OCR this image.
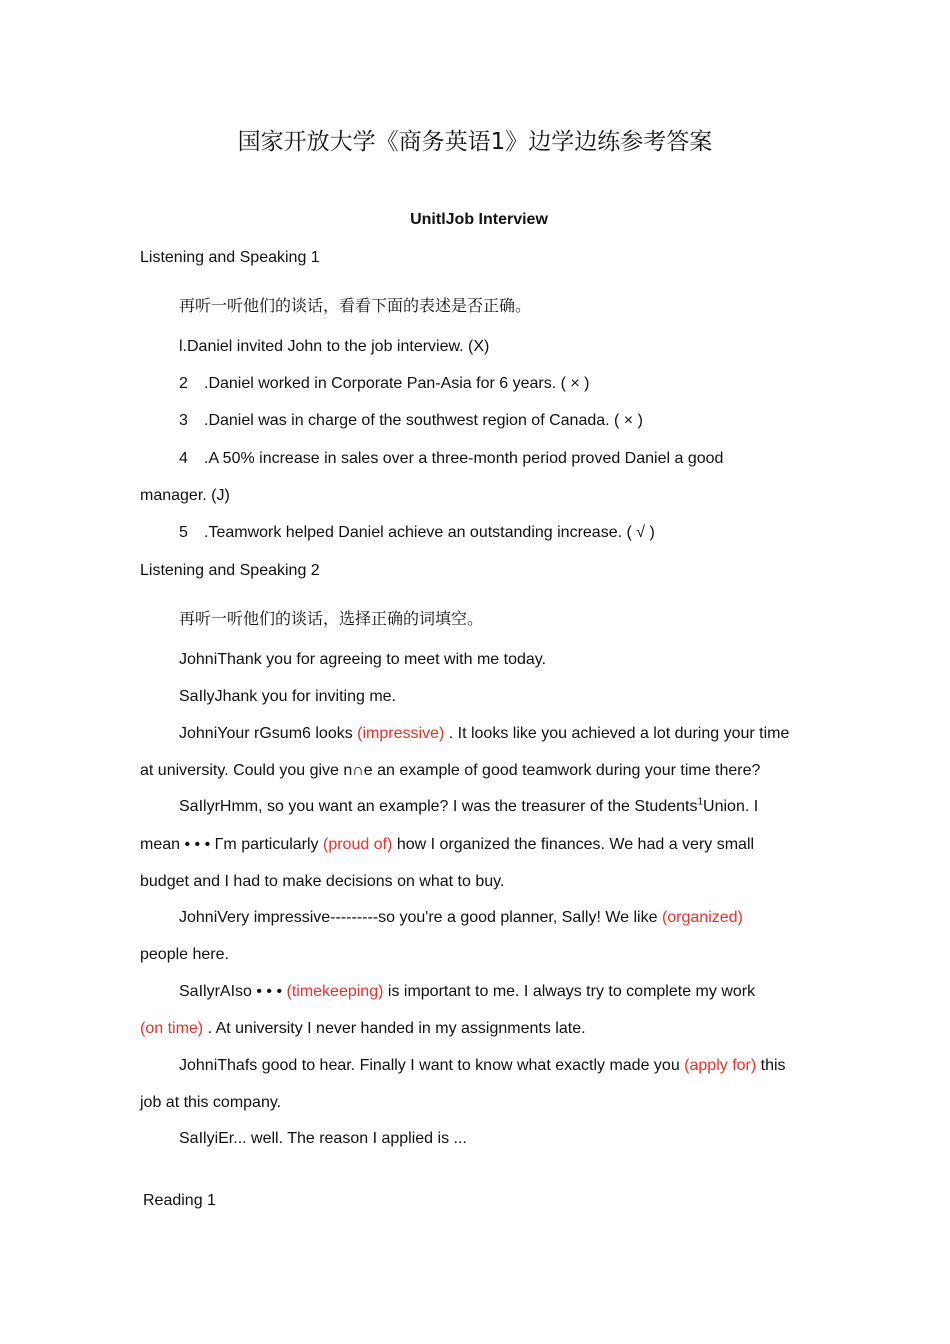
国家开放大学《商务英语1》边学边练参考答案
UnitlJob Interview
Listening and Speaking 1
再听一听他们的谈话，看看下面的表述是否正确。
l.Daniel invited John to the job interview. (X)
2 .Daniel worked in Corporate Pan-Asia for 6 years. ( × )
3 .Daniel was in charge of the southwest region of Canada. ( × )
4 .A 50% increase in sales over a three-month period proved Daniel a good
manager. (J)
5 .Teamwork helped Daniel achieve an outstanding increase. ( √ )
Listening and Speaking 2
再听一听他们的谈话，选择正确的词填空。
JohniThank you for agreeing to meet with me today.
SaIlyJhank you for inviting me.
JohniYour rGsum6 looks (impressive) . It looks like you achieved a lot during your time
at university. Could you give n∩e an example of good teamwork during your time there?
SaIlyrHmm, so you want an example? I was the treasurer of the Students$^1$Union. I
mean • • • Γm particularly (proud of) how I organized the finances. We had a very small
budget and I had to make decisions on what to buy.
JohniVery impressive---------so you're a good planner, Sally! We like (organized)
people here.
SaIlyrAIso • • • (timekeeping) is important to me. I always try to complete my work
(on time) . At university I never handed in my assignments late.
JohniThafs good to hear. Finally I want to know what exactly made you (apply for) this
job at this company.
SaIlyiEr... well. The reason I applied is ...
Reading 1
